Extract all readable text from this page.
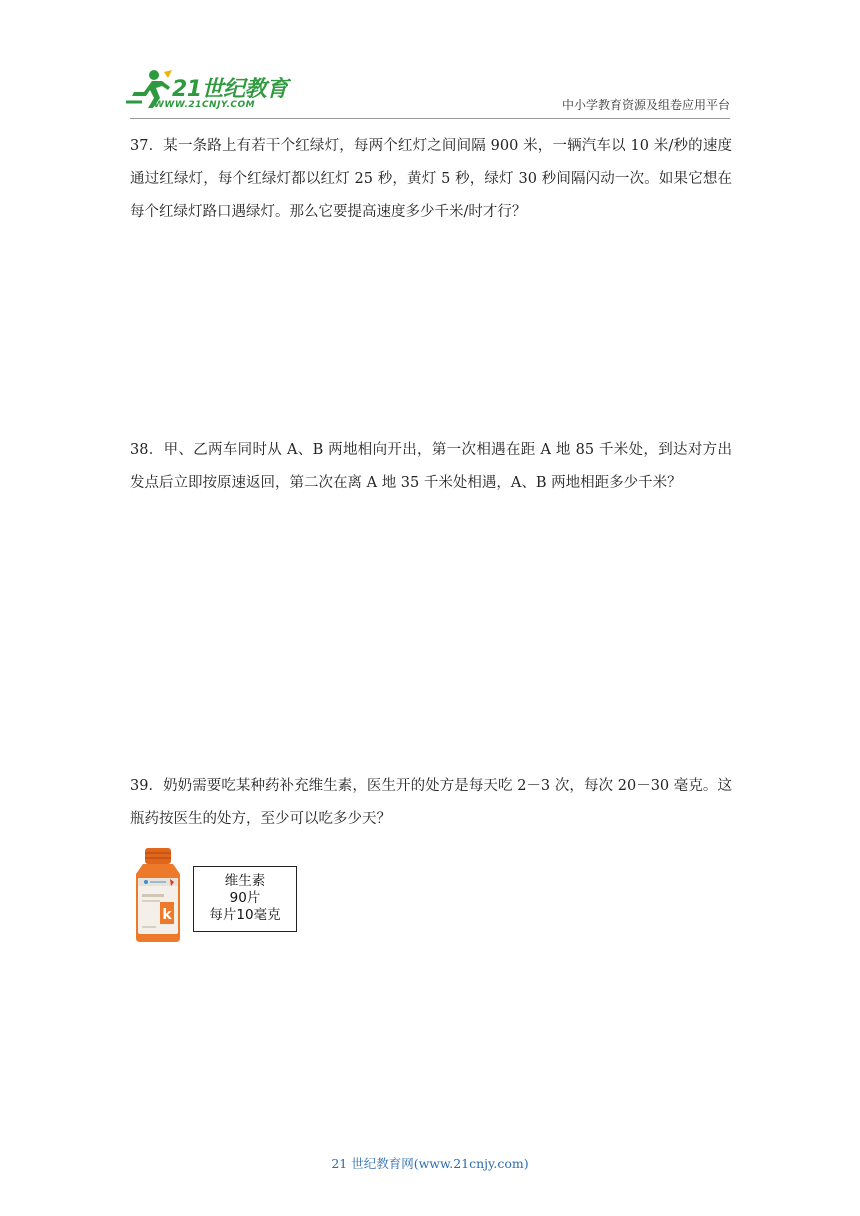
21世纪教育
WWW.21CNJY.COM	中小学教育资源及组卷应用平台
37．某一条路上有若干个红绿灯，每两个红灯之间间隔 900 米，一辆汽车以 10 米/秒的速度通过红绿灯，每个红绿灯都以红灯 25 秒，黄灯 5 秒，绿灯 30 秒间隔闪动一次。如果它想在每个红绿灯路口遇绿灯。那么它要提高速度多少千米/时才行？
38．甲、乙两车同时从 A、B 两地相向开出，第一次相遇在距 A 地 85 千米处，到达对方出发点后立即按原速返回，第二次在离 A 地 35 千米处相遇，A、B 两地相距多少千米？
39．奶奶需要吃某种药补充维生素，医生开的处方是每天吃 2－3 次，每次 20－30 毫克。这瓶药按医生的处方，至少可以吃多少天？
k
维生素
90片
每片10毫克
21 世纪教育网(www.21cnjy.com)
